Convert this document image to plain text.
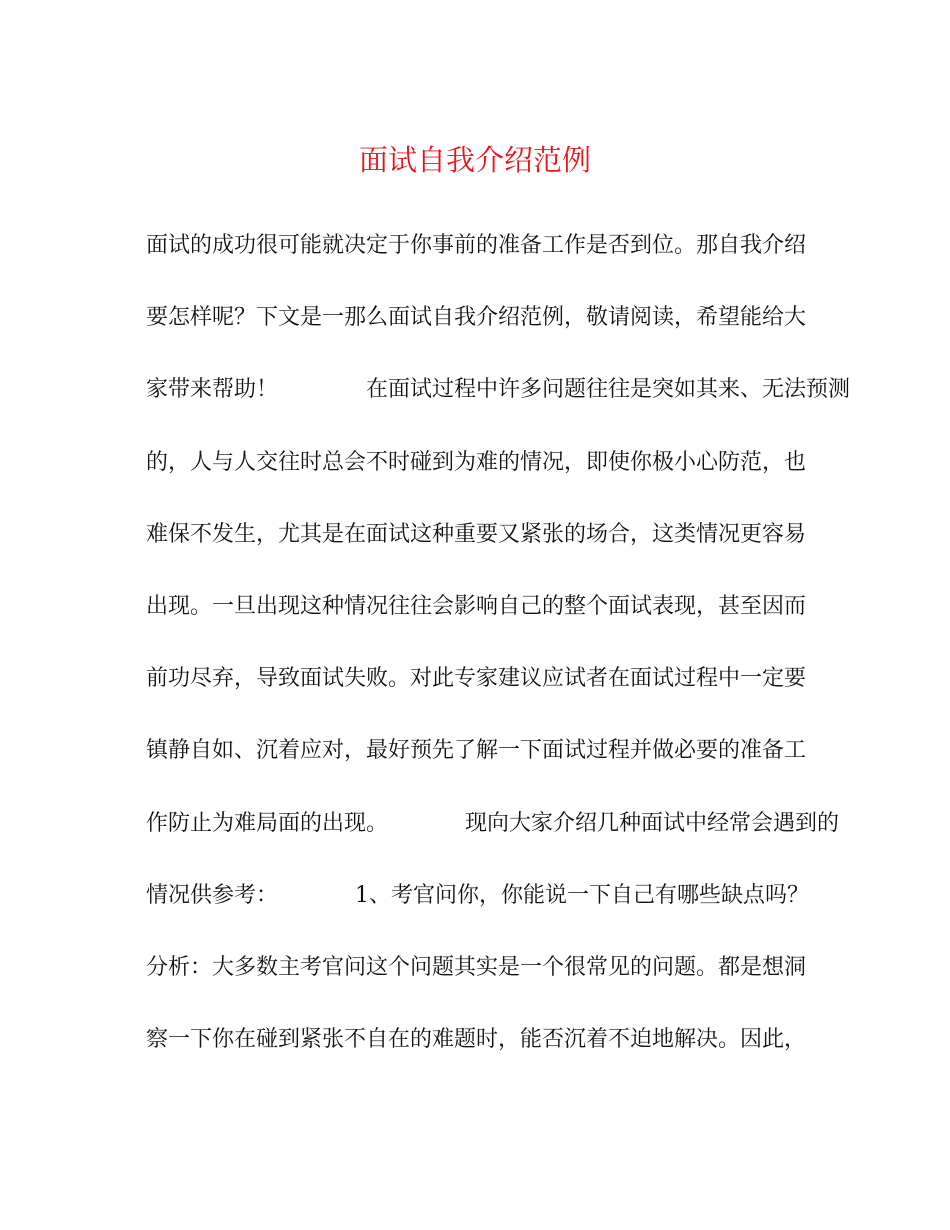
面试自我介绍范例
面试的成功很可能就决定于你事前的准备工作是否到位。那自我介绍
要怎样呢？下文是一那么面试自我介绍范例，敬请阅读，希望能给大
家带来帮助！　　　　在面试过程中许多问题往往是突如其来、无法预测
的，人与人交往时总会不时碰到为难的情况，即使你极小心防范，也
难保不发生，尤其是在面试这种重要又紧张的场合，这类情况更容易
出现。一旦出现这种情况往往会影响自己的整个面试表现，甚至因而
前功尽弃，导致面试失败。对此专家建议应试者在面试过程中一定要
镇静自如、沉着应对，最好预先了解一下面试过程并做必要的准备工
作防止为难局面的出现。　　　　现向大家介绍几种面试中经常会遇到的
情况供参考：　　　　1、考官问你，你能说一下自己有哪些缺点吗？
分析：大多数主考官问这个问题其实是一个很常见的问题。都是想洞
察一下你在碰到紧张不自在的难题时，能否沉着不迫地解决。因此，
